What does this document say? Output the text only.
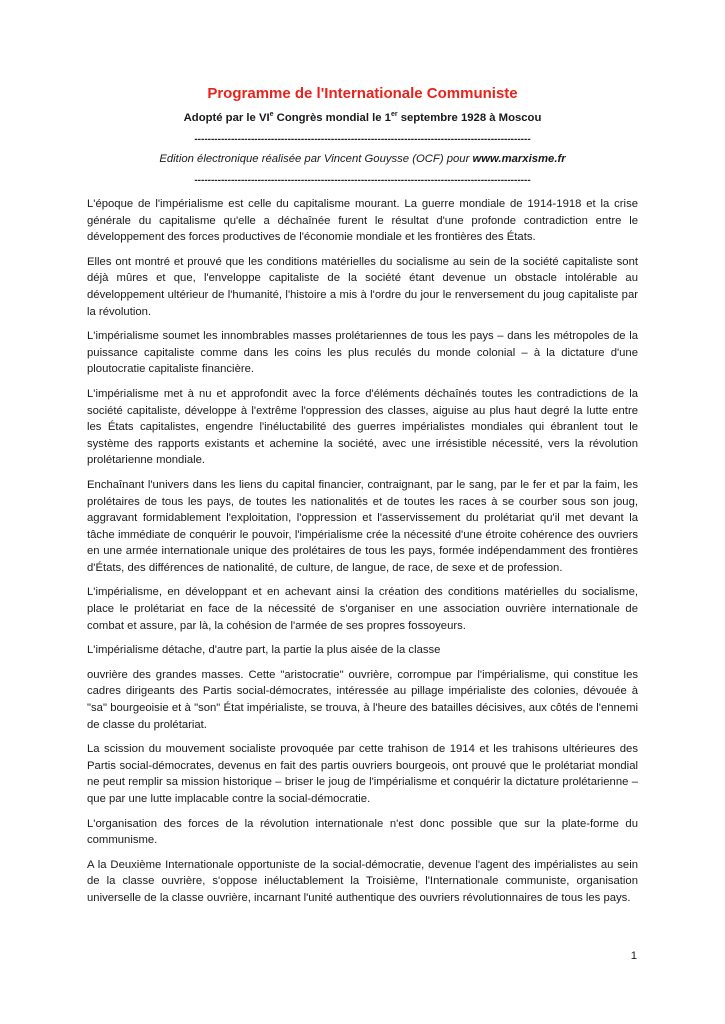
Programme de l'Internationale Communiste
Adopté par le VIe Congrès mondial le 1er septembre 1928 à Moscou
-----------------------------------------------------------------------------------------------------
Edition électronique réalisée par Vincent Gouysse (OCF) pour www.marxisme.fr
-----------------------------------------------------------------------------------------------------

L'époque de l'impérialisme est celle du capitalisme mourant. La guerre mondiale de 1914-1918 et la crise générale du capitalisme qu'elle a déchaînée furent le résultat d'une profonde contradiction entre le développement des forces productives de l'économie mondiale et les frontières des États.

Elles ont montré et prouvé que les conditions matérielles du socialisme au sein de la société capitaliste sont déjà mûres et que, l'enveloppe capitaliste de la société étant devenue un obstacle intolérable au développement ultérieur de l'humanité, l'histoire a mis à l'ordre du jour le renversement du joug capitaliste par la révolution.

L'impérialisme soumet les innombrables masses prolétariennes de tous les pays – dans les métropoles de la puissance capitaliste comme dans les coins les plus reculés du monde colonial – à la dictature d'une ploutocratie capitaliste financière.

L'impérialisme met à nu et approfondit avec la force d'éléments déchaînés toutes les contradictions de la société capitaliste, développe à l'extrême l'oppression des classes, aiguise au plus haut degré la lutte entre les États capitalistes, engendre l'inéluctabilité des guerres impérialistes mondiales qui ébranlent tout le système des rapports existants et achemine la société, avec une irrésistible nécessité, vers la révolution prolétarienne mondiale.

Enchaînant l'univers dans les liens du capital financier, contraignant, par le sang, par le fer et par la faim, les prolétaires de tous les pays, de toutes les nationalités et de toutes les races à se courber sous son joug, aggravant formidablement l'exploitation, l'oppression et l'asservissement du prolétariat qu'il met devant la tâche immédiate de conquérir le pouvoir, l'impérialisme crée la nécessité d'une étroite cohérence des ouvriers en une armée internationale unique des prolétaires de tous les pays, formée indépendamment des frontières d'États, des différences de nationalité, de culture, de langue, de race, de sexe et de profession.

L'impérialisme, en développant et en achevant ainsi la création des conditions matérielles du socialisme, place le prolétariat en face de la nécessité de s'organiser en une association ouvrière internationale de combat et assure, par là, la cohésion de l'armée de ses propres fossoyeurs.

L'impérialisme détache, d'autre part, la partie la plus aisée de la classe

ouvrière des grandes masses. Cette "aristocratie" ouvrière, corrompue par l'impérialisme, qui constitue les cadres dirigeants des Partis social-démocrates, intéressée au pillage impérialiste des colonies, dévouée à "sa" bourgeoisie et à "son" État impérialiste, se trouva, à l'heure des batailles décisives, aux côtés de l'ennemi de classe du prolétariat.

La scission du mouvement socialiste provoquée par cette trahison de 1914 et les trahisons ultérieures des Partis social-démocrates, devenus en fait des partis ouvriers bourgeois, ont prouvé que le prolétariat mondial ne peut remplir sa mission historique – briser le joug de l'impérialisme et conquérir la dictature prolétarienne – que par une lutte implacable contre la social-démocratie.

L'organisation des forces de la révolution internationale n'est donc possible que sur la plate-forme du communisme.

A la Deuxième Internationale opportuniste de la social-démocratie, devenue l'agent des impérialistes au sein de la classe ouvrière, s'oppose inéluctablement la Troisième, l'Internationale communiste, organisation universelle de la classe ouvrière, incarnant l'unité authentique des ouvriers révolutionnaires de tous les pays.

1
